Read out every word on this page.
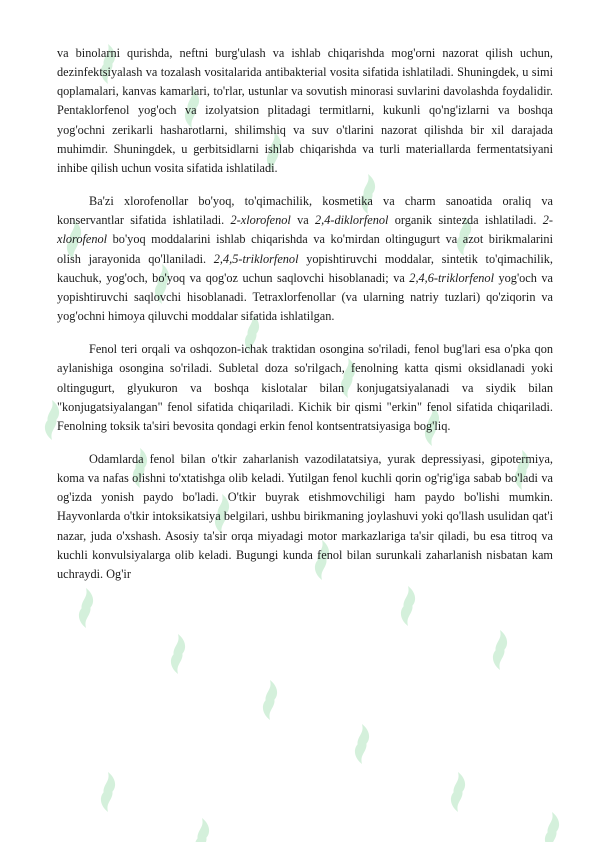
va binolarni qurishda, neftni burg'ulash va ishlab chiqarishda mog'orni nazorat qilish uchun, dezinfektsiyalash va tozalash vositalarida antibakterial vosita sifatida ishlatiladi. Shuningdek, u simi qoplamalari, kanvas kamarlari, to'rlar, ustunlar va sovutish minorasi suvlarini davolashda foydalidir. Pentaklorfenol yog'och va izolyatsion plitadagi termitlarni, kukunli qo'ng'izlarni va boshqa yog'ochni zerikarli hasharotlarni, shilimshiq va suv o'tlarini nazorat qilishda bir xil darajada muhimdir. Shuningdek, u gerbitsidlarni ishlab chiqarishda va turli materiallarda fermentatsiyani inhibe qilish uchun vosita sifatida ishlatiladi.

Ba'zi xlorofenollar bo'yoq, to'qimachilik, kosmetika va charm sanoatida oraliq va konservantlar sifatida ishlatiladi. 2-xlorofenol va 2,4-diklorfenol organik sintezda ishlatiladi. 2-xlorofenol bo'yoq moddalarini ishlab chiqarishda va ko'mirdan oltingugurt va azot birikmalarini olish jarayonida qo'llaniladi. 2,4,5-triklorfenol yopishtiruvchi moddalar, sintetik to'qimachilik, kauchuk, yog'och, bo'yoq va qog'oz uchun saqlovchi hisoblanadi; va 2,4,6-triklorfenol yog'och va yopishtiruvchi saqlovchi hisoblanadi. Tetraxlorfenollar (va ularning natriy tuzlari) qo'ziqorin va yog'ochni himoya qiluvchi moddalar sifatida ishlatilgan.

Fenol teri orqali va oshqozon-ichak traktidan osongina so'riladi, fenol bug'lari esa o'pka qon aylanishiga osongina so'riladi. Subletal doza so'rilgach, fenolning katta qismi oksidlanadi yoki oltingugurt, glyukuron va boshqa kislotalar bilan konjugatsiyalanadi va siydik bilan "konjugatsiyalangan" fenol sifatida chiqariladi. Kichik bir qismi "erkin" fenol sifatida chiqariladi. Fenolning toksik ta'siri bevosita qondagi erkin fenol kontsentratsiyasiga bog'liq.

Odamlarda fenol bilan o'tkir zaharlanish vazodilatatsiya, yurak depressiyasi, gipotermiya, koma va nafas olishni to'xtatishga olib keladi. Yutilgan fenol kuchli qorin og'rig'iga sabab bo'ladi va og'izda yonish paydo bo'ladi. O'tkir buyrak etishmovchiligi ham paydo bo'lishi mumkin. Hayvonlarda o'tkir intoksikatsiya belgilari, ushbu birikmaning joylashuvi yoki qo'llash usulidan qat'i nazar, juda o'xshash. Asosiy ta'sir orqa miyadagi motor markazlariga ta'sir qiladi, bu esa titroq va kuchli konvulsiyalarga olib keladi. Bugungi kunda fenol bilan surunkali zaharlanish nisbatan kam uchraydi. Og'ir
